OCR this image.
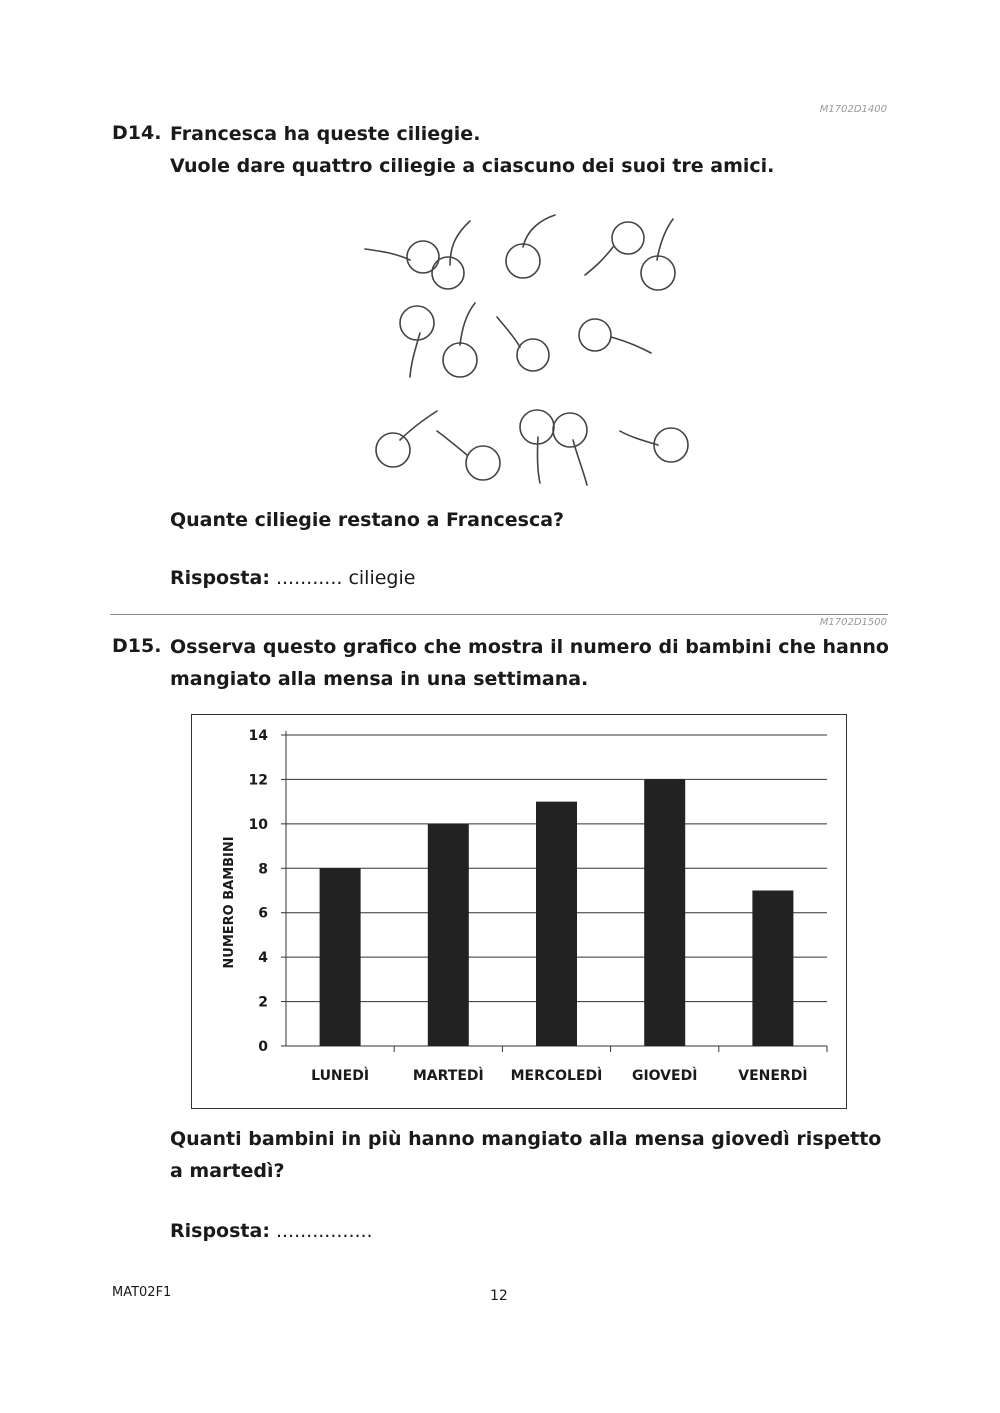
M1702D1400
D14. Francesca ha queste ciliegie.
Vuole dare quattro ciliegie a ciascuno dei suoi tre amici.
Quante ciliegie restano a Francesca?
Risposta: ........... ciliegie
M1702D1500
D15. Osserva questo grafico che mostra il numero di bambini che hanno
mangiato alla mensa in una settimana.
0
2
4
6
8
10
12
14
LUNEDÌ	MARTEDÌ MERCOLEDÌ GIOVEDÌ	VENERDÌ
NUMERO BAMBINI
Quanti bambini in più hanno mangiato alla mensa giovedì rispetto
a martedì?
Risposta: ................
MAT02F1	12
